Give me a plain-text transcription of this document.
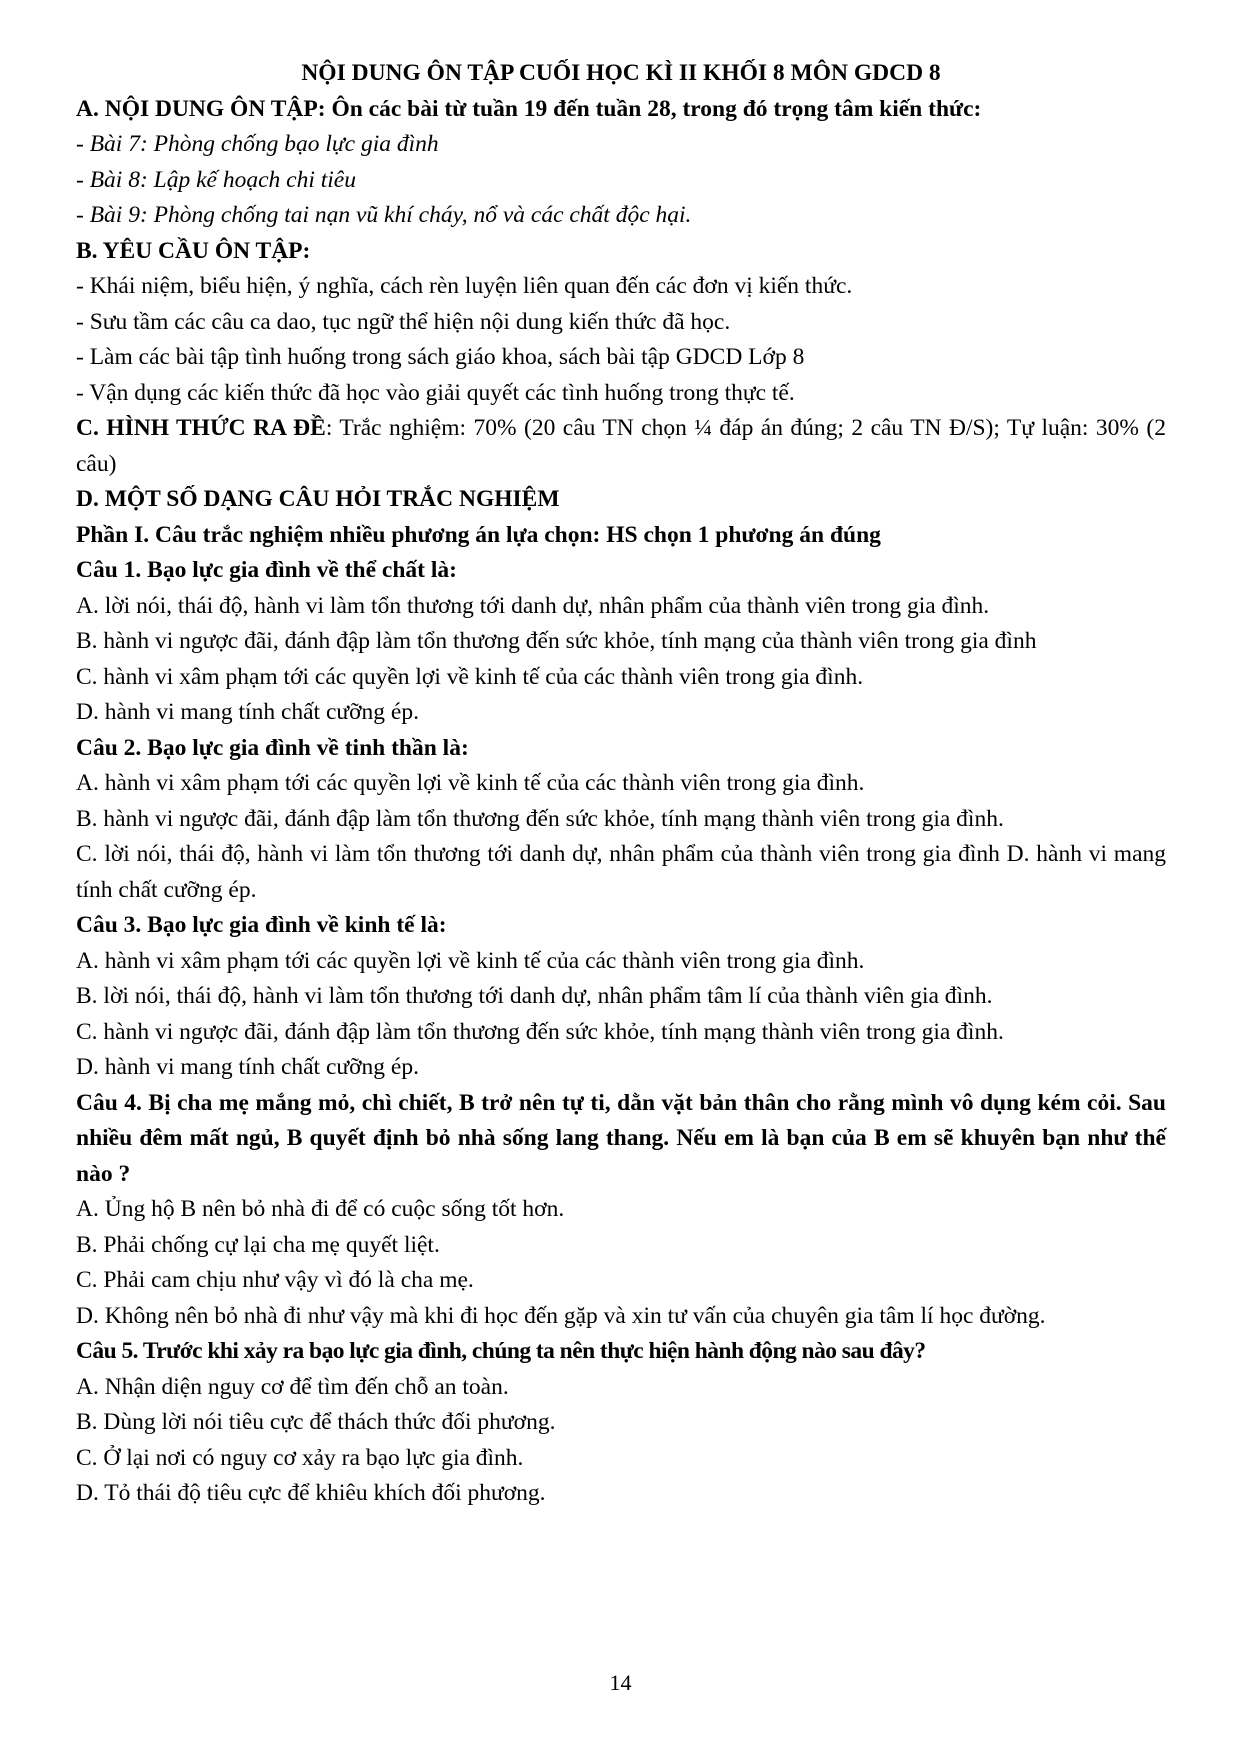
NỘI DUNG ÔN TẬP CUỐI HỌC KÌ II KHỐI 8 MÔN GDCD 8

A. NỘI DUNG ÔN TẬP: Ôn các bài từ tuần 19 đến tuần 28, trong đó trọng tâm kiến thức:

- Bài 7: Phòng chống bạo lực gia đình

- Bài 8: Lập kế hoạch chi tiêu

- Bài 9: Phòng chống tai nạn vũ khí cháy, nổ và các chất độc hại.

B. YÊU CẦU ÔN TẬP:

- Khái niệm, biểu hiện, ý nghĩa, cách rèn luyện liên quan đến các đơn vị kiến thức.

- Sưu tầm các câu ca dao, tục ngữ thể hiện nội dung kiến thức đã học.

- Làm các bài tập tình huống trong sách giáo khoa, sách bài tập GDCD Lớp 8

- Vận dụng các kiến thức đã học vào giải quyết các tình huống trong thực tế.

C. HÌNH THỨC RA ĐỀ: Trắc nghiệm: 70% (20 câu TN chọn ¼ đáp án đúng; 2 câu TN Đ/S); Tự luận: 30% (2 câu)

D. MỘT SỐ DẠNG CÂU HỎI TRẮC NGHIỆM

Phần I. Câu trắc nghiệm nhiều phương án lựa chọn: HS chọn 1 phương án đúng

Câu 1. Bạo lực gia đình về thể chất là:

A. lời nói, thái độ, hành vi làm tổn thương tới danh dự, nhân phẩm của thành viên trong gia đình.

B. hành vi ngược đãi, đánh đập làm tổn thương đến sức khỏe, tính mạng của thành viên trong gia đình

C. hành vi xâm phạm tới các quyền lợi về kinh tế của các thành viên trong gia đình.

D. hành vi mang tính chất cưỡng ép.

Câu 2. Bạo lực gia đình về tinh thần là:

A. hành vi xâm phạm tới các quyền lợi về kinh tế của các thành viên trong gia đình.

B. hành vi ngược đãi, đánh đập làm tổn thương đến sức khỏe, tính mạng thành viên trong gia đình.

C. lời nói, thái độ, hành vi làm tổn thương tới danh dự, nhân phẩm của thành viên trong gia đình D. hành vi mang tính chất cưỡng ép.

Câu 3. Bạo lực gia đình về kinh tế là:

A. hành vi xâm phạm tới các quyền lợi về kinh tế của các thành viên trong gia đình.

B. lời nói, thái độ, hành vi làm tổn thương tới danh dự, nhân phẩm tâm lí của thành viên gia đình.

C. hành vi ngược đãi, đánh đập làm tổn thương đến sức khỏe, tính mạng thành viên trong gia đình.

D. hành vi mang tính chất cưỡng ép.

Câu 4. Bị cha mẹ mắng mỏ, chì chiết, B trở nên tự ti, dằn vặt bản thân cho rằng mình vô dụng kém cỏi. Sau nhiều đêm mất ngủ, B quyết định bỏ nhà sống lang thang. Nếu em là bạn của B em sẽ khuyên bạn như thế nào ?

A. Ủng hộ B nên bỏ nhà đi để có cuộc sống tốt hơn.

B. Phải chống cự lại cha mẹ quyết liệt.

C. Phải cam chịu như vậy vì đó là cha mẹ.

D. Không nên bỏ nhà đi như vậy mà khi đi học đến gặp và xin tư vấn của chuyên gia tâm lí học đường.

Câu 5. Trước khi xảy ra bạo lực gia đình, chúng ta nên thực hiện hành động nào sau đây?

A. Nhận diện nguy cơ để tìm đến chỗ an toàn.

B. Dùng lời nói tiêu cực để thách thức đối phương.

C. Ở lại nơi có nguy cơ xảy ra bạo lực gia đình.

D. Tỏ thái độ tiêu cực để khiêu khích đối phương.

14
